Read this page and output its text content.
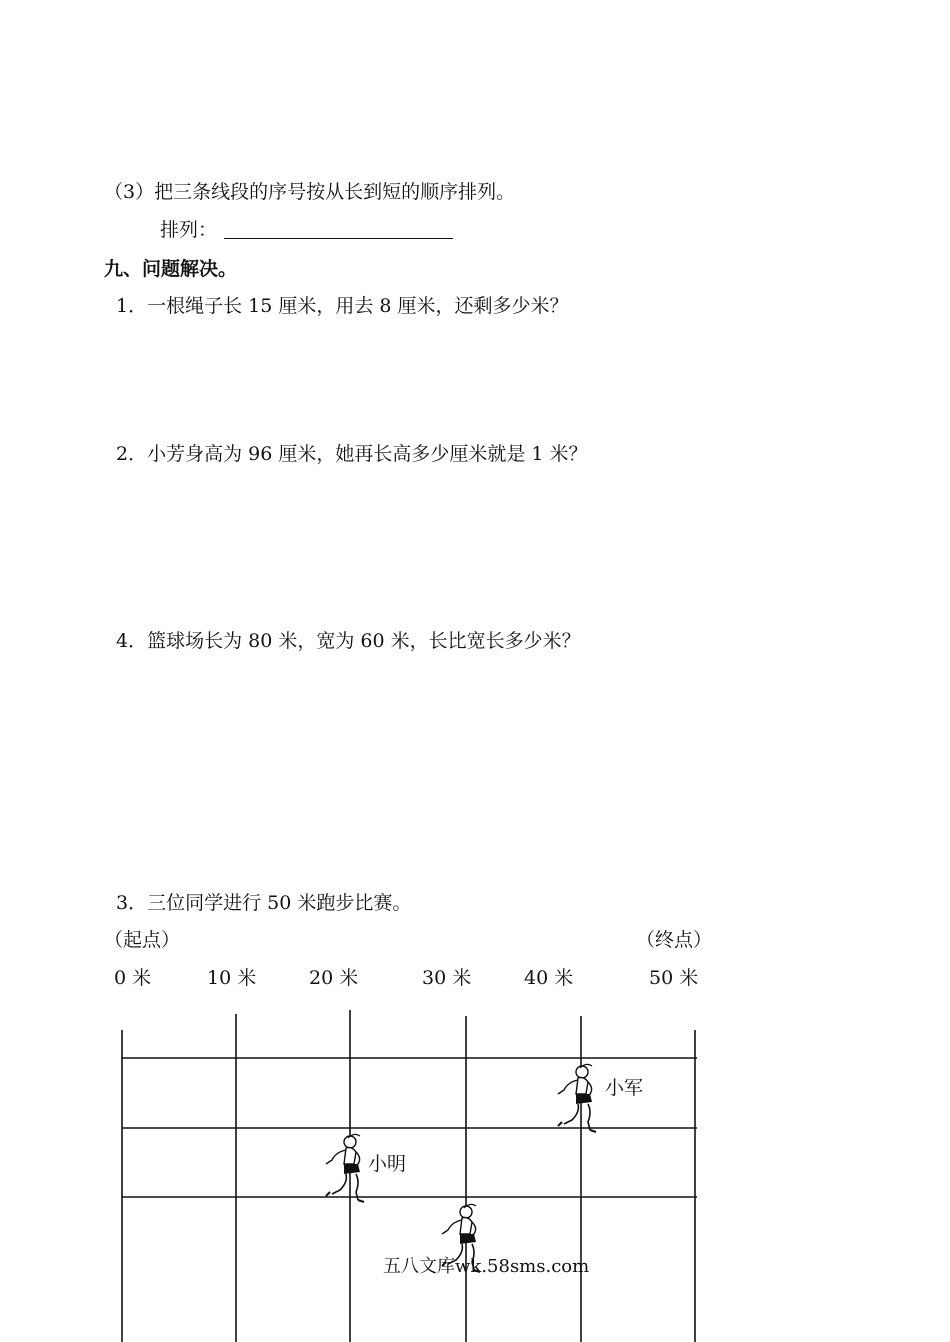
（3）把三条线段的序号按从长到短的顺序排列。
排列：
九、问题解决。
1．一根绳子长 15 厘米，用去 8 厘米，还剩多少米？
2．小芳身高为 96 厘米，她再长高多少厘米就是 1 米？
4．篮球场长为 80 米，宽为 60 米，长比宽长多少米？
3．三位同学进行 50 米跑步比赛。
（起点）	（终点）
0 米	10 米	20 米	30 米	40 米	50 米
小军
小明
五八文库wk.58sms.com
